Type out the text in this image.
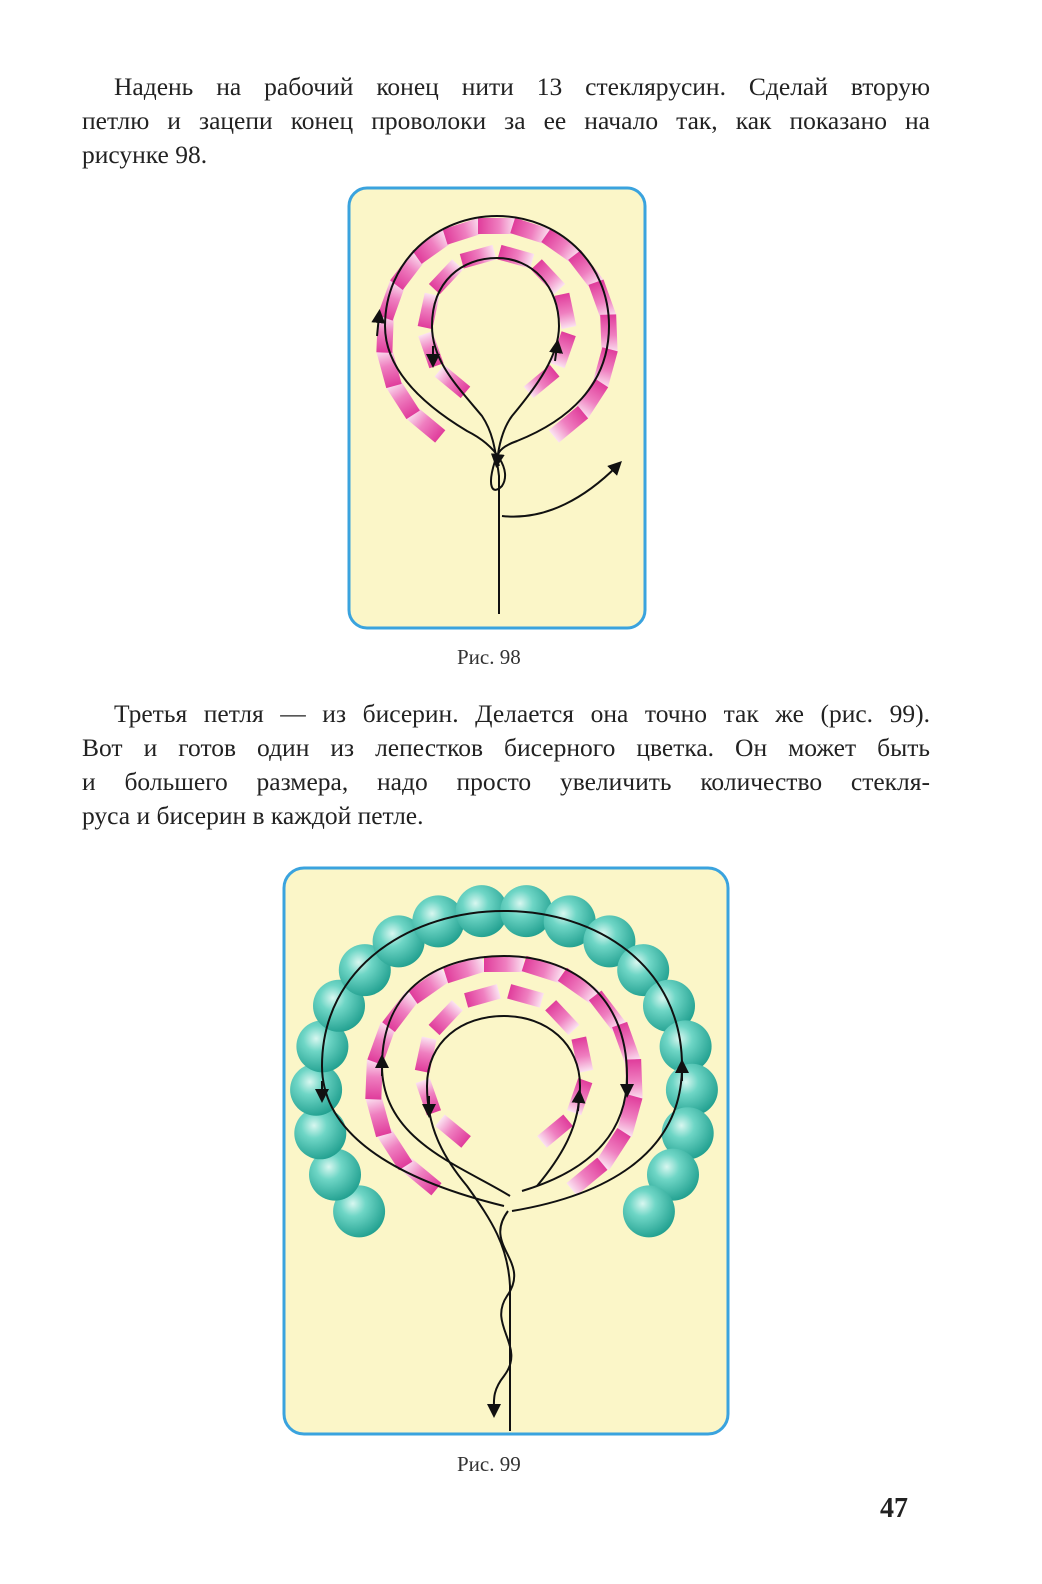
Надень на рабочий конец нити 13 стеклярусин. Сделай вторую
петлю и зацепи конец проволоки за ее начало так, как показано на
рисунке 98.

Рис. 98

Третья петля — из бисерин. Делается она точно так же (рис. 99).
Вот и готов один из лепестков бисерного цветка. Он может быть
и большего размера, надо просто увеличить количество стекля-
руса и бисерин в каждой петле.

Рис. 99
47
